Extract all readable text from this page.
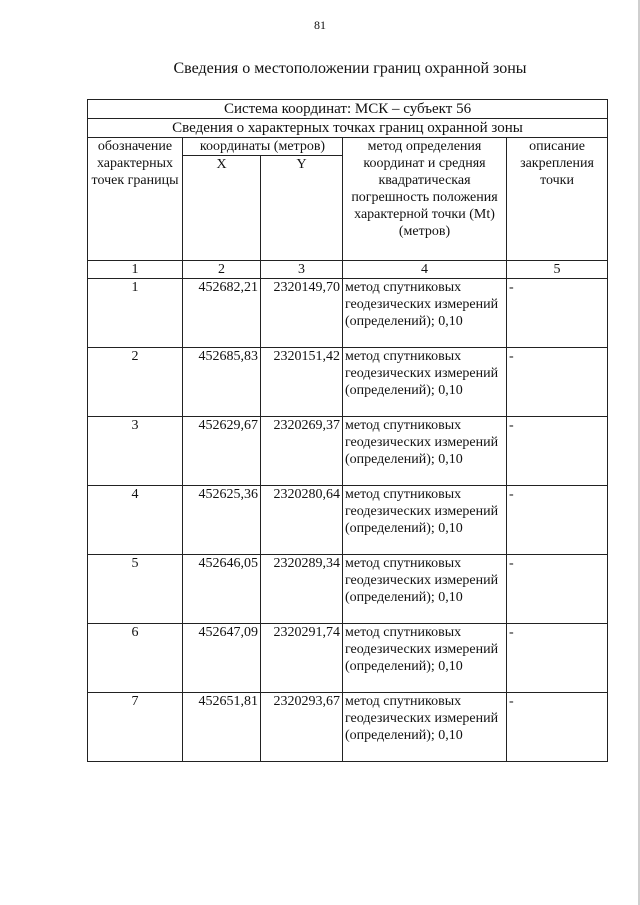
81
Сведения о местоположении границ охранной зоны
Система координат: МСК – субъект 56				
Сведения о характерных точках границ охранной зоны				
обозначение характерных точек границы	координаты (метров)		метод определения координат и средняя квадратическая погрешность положения характерной точки (Mt) (метров)	описание закрепления точки
	X	Y		
1	2	3	4	5
1	452682,21	2320149,70	метод спутниковых геодезических измерений (определений); 0,10	-
2	452685,83	2320151,42	метод спутниковых геодезических измерений (определений); 0,10	-
3	452629,67	2320269,37	метод спутниковых геодезических измерений (определений); 0,10	-
4	452625,36	2320280,64	метод спутниковых геодезических измерений (определений); 0,10	-
5	452646,05	2320289,34	метод спутниковых геодезических измерений (определений); 0,10	-
6	452647,09	2320291,74	метод спутниковых геодезических измерений (определений); 0,10	-
7	452651,81	2320293,67	метод спутниковых геодезических измерений (определений); 0,10	-
